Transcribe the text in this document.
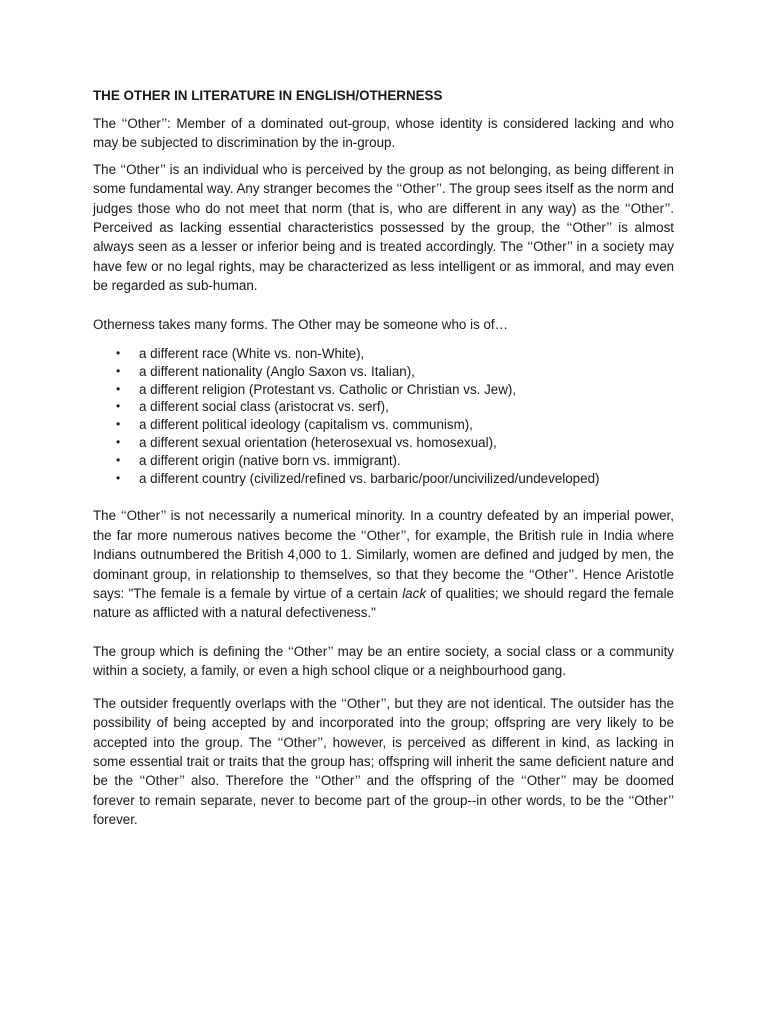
THE OTHER IN LITERATURE IN ENGLISH/OTHERNESS

The ‘‘Other’’: Member of a dominated out-group, whose identity is considered lacking and who may be subjected to discrimination by the in-group.

The ‘‘Other’’ is an individual who is perceived by the group as not belonging, as being different in some fundamental way. Any stranger becomes the ‘‘Other’’. The group sees itself as the norm and judges those who do not meet that norm (that is, who are different in any way) as the ‘‘Other’’. Perceived as lacking essential characteristics possessed by the group, the ‘‘Other’’ is almost always seen as a lesser or inferior being and is treated accordingly. The ‘‘Other’’ in a society may have few or no legal rights, may be characterized as less intelligent or as immoral, and may even be regarded as sub-human.

Otherness takes many forms. The Other may be someone who is of…

• a different race (White vs. non-White),
• a different nationality (Anglo Saxon vs. Italian),
• a different religion (Protestant vs. Catholic or Christian vs. Jew),
• a different social class (aristocrat vs. serf),
• a different political ideology (capitalism vs. communism),
• a different sexual orientation (heterosexual vs. homosexual),
• a different origin (native born vs. immigrant).
• a different country (civilized/refined vs. barbaric/poor/uncivilized/undeveloped)

The ‘‘Other’’ is not necessarily a numerical minority. In a country defeated by an imperial power, the far more numerous natives become the ‘‘Other’’, for example, the British rule in India where Indians outnumbered the British 4,000 to 1. Similarly, women are defined and judged by men, the dominant group, in relationship to themselves, so that they become the ‘‘Other’’. Hence Aristotle says: "The female is a female by virtue of a certain lack of qualities; we should regard the female nature as afflicted with a natural defectiveness."

The group which is defining the ‘‘Other’’ may be an entire society, a social class or a community within a society, a family, or even a high school clique or a neighbourhood gang.

The outsider frequently overlaps with the ‘‘Other’’, but they are not identical. The outsider has the possibility of being accepted by and incorporated into the group; offspring are very likely to be accepted into the group. The ‘‘Other’’, however, is perceived as different in kind, as lacking in some essential trait or traits that the group has; offspring will inherit the same deficient nature and be the ‘‘Other’’ also. Therefore the ‘‘Other’’ and the offspring of the ‘‘Other’’ may be doomed forever to remain separate, never to become part of the group--in other words, to be the ‘‘Other’’ forever.
